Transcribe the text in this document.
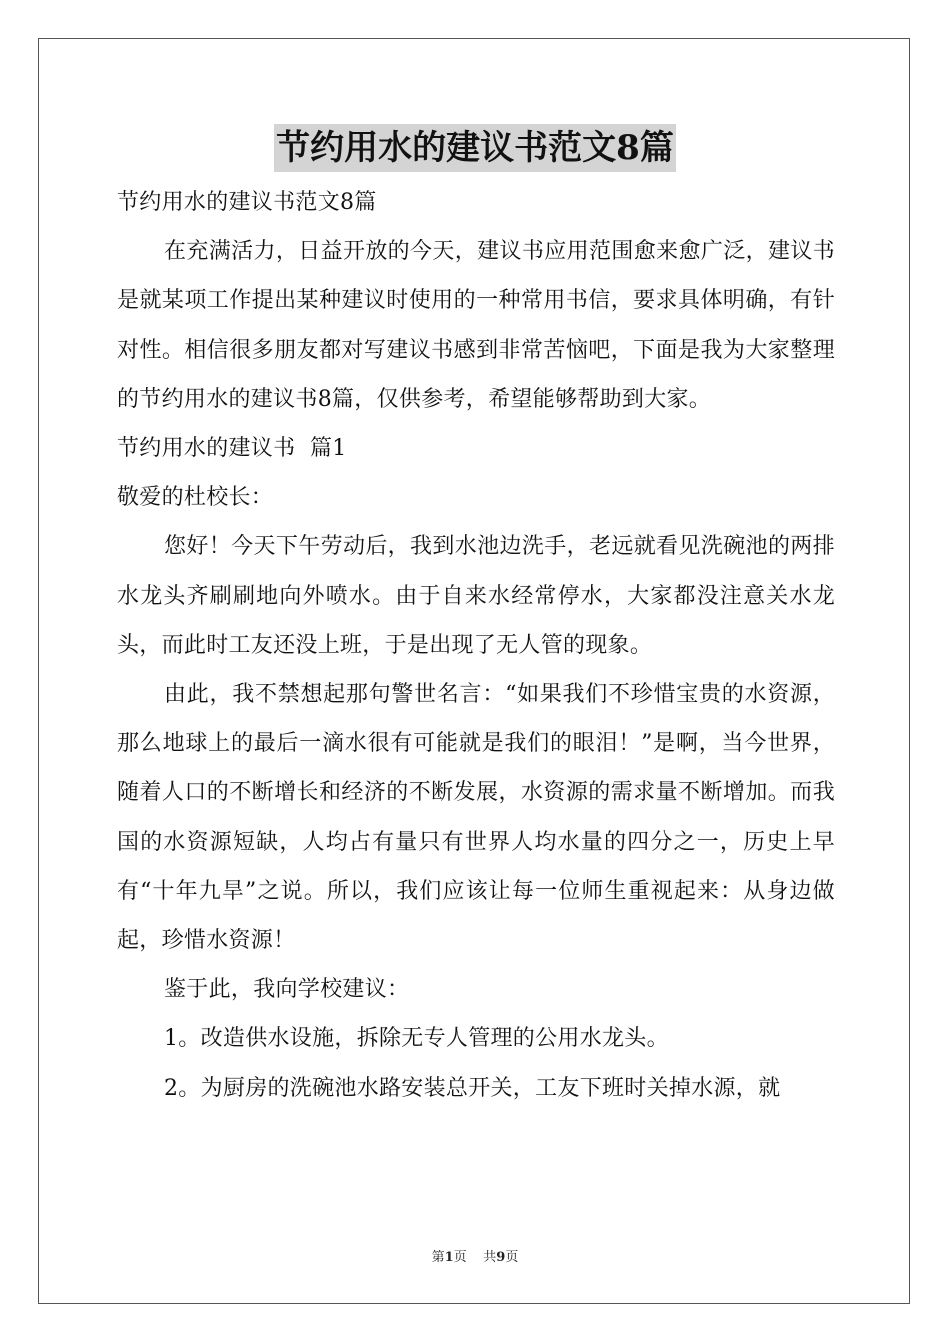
节约用水的建议书范文8篇

节约用水的建议书范文8篇

在充满活力，日益开放的今天，建议书应用范围愈来愈广泛，建议书是就某项工作提出某种建议时使用的一种常用书信，要求具体明确，有针对性。相信很多朋友都对写建议书感到非常苦恼吧，下面是我为大家整理的节约用水的建议书8篇，仅供参考，希望能够帮助到大家。

节约用水的建议书  篇1

敬爱的杜校长：

您好！今天下午劳动后，我到水池边洗手，老远就看见洗碗池的两排水龙头齐刷刷地向外喷水。由于自来水经常停水，大家都没注意关水龙头，而此时工友还没上班，于是出现了无人管的现象。

由此，我不禁想起那句警世名言：“如果我们不珍惜宝贵的水资源，那么地球上的最后一滴水很有可能就是我们的眼泪！”是啊，当今世界，随着人口的不断增长和经济的不断发展，水资源的需求量不断增加。而我国的水资源短缺，人均占有量只有世界人均水量的四分之一，历史上早有“十年九旱”之说。所以，我们应该让每一位师生重视起来：从身边做起，珍惜水资源！

鉴于此，我向学校建议：

1。改造供水设施，拆除无专人管理的公用水龙头。

2。为厨房的洗碗池水路安装总开关，工友下班时关掉水源，就

第1页 共9页
